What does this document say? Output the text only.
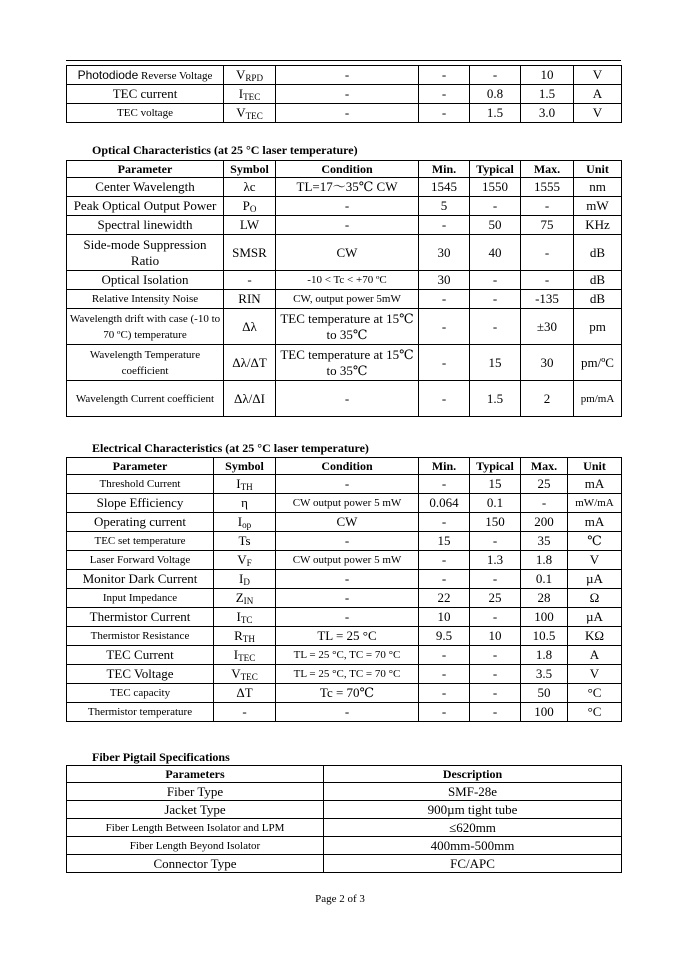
Photodiode Reverse Voltage	$V_{RPD}$	-	-	-	10	V
TEC current	$I_{TEC}$	-	-	0.8	1.5	A
TEC voltage	$V_{TEC}$	-	-	1.5	3.0	V
Optical Characteristics (at 25 °C laser temperature)
Parameter	Symbol	Condition	Min.	Typical	Max.	Unit
Center Wavelength	λc	TL=17～35℃ CW	1545	1550	1555	nm
Peak Optical Output Power	$P_O$	-	5	-	-	mW
Spectral linewidth	LW	-	-	50	75	KHz
Side-mode Suppression Ratio	SMSR	CW	30	40	-	dB
Optical Isolation	-	-10 < Tc < +70 ºC	30	-	-	dB
Relative Intensity Noise	RIN	CW, output power 5mW	-	-	-135	dB
Wavelength drift with case (-10 to 70 ºC) temperature	Δλ	TEC temperature at 15℃ to 35℃	-	-	±30	pm
Wavelength Temperature coefficient	Δλ/ΔT	TEC temperature at 15℃ to 35℃	-	15	30	pm/ºC
Wavelength Current coefficient	Δλ/ΔI	-	-	1.5	2	pm/mA
Electrical Characteristics (at 25 °C laser temperature)
Parameter	Symbol	Condition	Min.	Typical	Max.	Unit
Threshold Current	$I_{TH}$	-	-	15	25	mA
Slope Efficiency	η	CW output power 5 mW	0.064	0.1	-	mW/mA
Operating current	$I_{op}$	CW	-	150	200	mA
TEC set temperature	Ts	-	15	-	35	℃
Laser Forward Voltage	$V_F$	CW output power 5 mW	-	1.3	1.8	V
Monitor Dark Current	$I_D$	-	-	-	0.1	µA
Input Impedance	$Z_{IN}$	-	22	25	28	Ω
Thermistor Current	$I_{TC}$	-	10	-	100	µA
Thermistor Resistance	$R_{TH}$	TL = 25 °C	9.5	10	10.5	KΩ
TEC Current	$I_{TEC}$	TL = 25 °C, TC = 70 °C	-	-	1.8	A
TEC Voltage	$V_{TEC}$	TL = 25 °C, TC = 70 °C	-	-	3.5	V
TEC capacity	ΔT	Tc = 70℃	-	-	50	°C
Thermistor temperature	-	-	-	-	100	°C
Fiber Pigtail Specifications
Parameters	Description
Fiber Type	SMF-28e
Jacket Type	900µm tight tube
Fiber Length Between Isolator and LPM	≤620mm
Fiber Length Beyond Isolator	400mm-500mm
Connector Type	FC/APC
Page 2 of 3
